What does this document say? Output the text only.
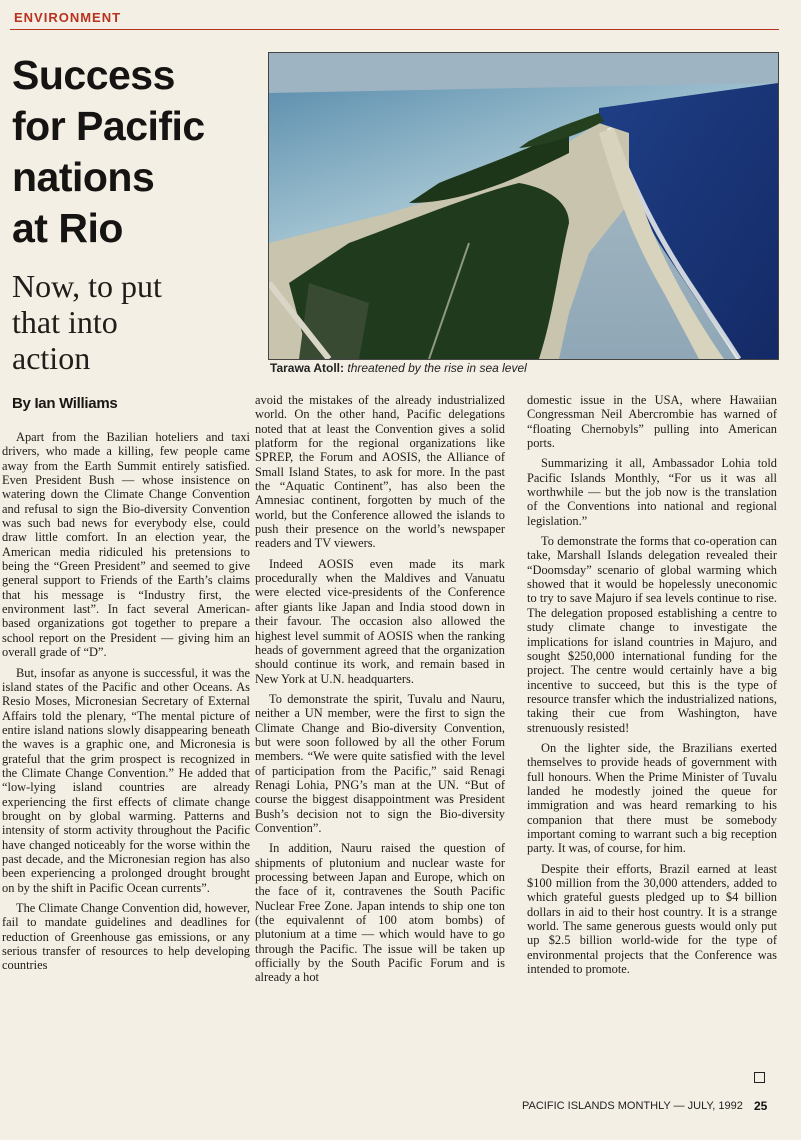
ENVIRONMENT
Success
for Pacific
nations
at Rio
Now, to put
that into
action	Tarawa Atoll: threatened by the rise in sea level
By Ian Williams

Apart from the Bazilian hoteliers and taxi drivers, who made a killing, few people came away from the Earth Summit entirely satisfied. Even President Bush — whose insistence on watering down the Climate Change Convention and refusal to sign the Bio-diversity Convention was such bad news for everybody else, could draw little comfort. In an election year, the American media ridiculed his pretensions to being the “Green President” and seemed to give general support to Friends of the Earth’s claims that his message is “Industry first, the environment last”. In fact several American-based organizations got together to prepare a school report on the President — giving him an overall grade of “D”.

But, insofar as anyone is successful, it was the island states of the Pacific and other Oceans. As Resio Moses, Micronesian Secretary of External Affairs told the plenary, “The mental picture of entire island nations slowly disappearing beneath the waves is a graphic one, and Micronesia is grateful that the grim prospect is recognized in the Climate Change Convention.” He added that “low-lying island countries are already experiencing the first effects of climate change brought on by global warming. Patterns and intensity of storm activity throughout the Pacific have changed noticeably for the worse within the past decade, and the Micronesian region has also been experiencing a prolonged drought brought on by the shift in Pacific Ocean currents”.

The Climate Change Convention did, however, fail to mandate guidelines and deadlines for reduction of Greenhouse gas emissions, or any serious transfer of resources to help developing countries

avoid the mistakes of the already industrialized world. On the other hand, Pacific delegations noted that at least the Convention gives a solid platform for the regional organizations like SPREP, the Forum and AOSIS, the Alliance of Small Island States, to ask for more. In the past the “Aquatic Continent”, has also been the Amnesiac continent, forgotten by much of the world, but the Conference allowed the islands to push their presence on the world’s newspaper readers and TV viewers.

Indeed AOSIS even made its mark procedurally when the Maldives and Vanuatu were elected vice-presidents of the Conference after giants like Japan and India stood down in their favour. The occasion also allowed the highest level summit of AOSIS when the ranking heads of government agreed that the organization should continue its work, and remain based in New York at U.N. headquarters.

To demonstrate the spirit, Tuvalu and Nauru, neither a UN member, were the first to sign the Climate Change and Bio-diversity Convention, but were soon followed by all the other Forum members. “We were quite satisfied with the level of participation from the Pacific,” said Renagi Renagi Lohia, PNG’s man at the UN. “But of course the biggest disappointment was President Bush’s decision not to sign the Bio-diversity Convention”.

In addition, Nauru raised the question of shipments of plutonium and nuclear waste for processing between Japan and Europe, which on the face of it, contravenes the South Pacific Nuclear Free Zone. Japan intends to ship one ton (the equivalennt of 100 atom bombs) of plutonium at a time — which would have to go through the Pacific. The issue will be taken up officially by the South Pacific Forum and is already a hot

domestic issue in the USA, where Hawaiian Congressman Neil Abercrombie has warned of “floating Chernobyls” pulling into American ports.

Summarizing it all, Ambassador Lohia told Pacific Islands Monthly, “For us it was all worthwhile — but the job now is the translation of the Conventions into national and regional legislation.”

To demonstrate the forms that co-operation can take, Marshall Islands delegation revealed their “Doomsday” scenario of global warming which showed that it would be hopelessly uneconomic to try to save Majuro if sea levels continue to rise. The delegation proposed establishing a centre to study climate change to investigate the implications for island countries in Majuro, and sought $250,000 international funding for the project. The centre would certainly have a big incentive to succeed, but this is the type of resource transfer which the industrialized nations, taking their cue from Washington, have strenuously resisted!

On the lighter side, the Brazilians exerted themselves to provide heads of government with full honours. When the Prime Minister of Tuvalu landed he modestly joined the queue for immigration and was heard remarking to his companion that there must be somebody important coming to warrant such a big reception party. It was, of course, for him.

Despite their efforts, Brazil earned at least $100 million from the 30,000 attenders, added to which grateful guests pledged up to $4 billion dollars in aid to their host country. It is a strange world. The same generous guests would only put up $2.5 billion world-wide for the type of environmental projects that the Conference was intended to promote.

PACIFIC ISLANDS MONTHLY — JULY, 1992 25
